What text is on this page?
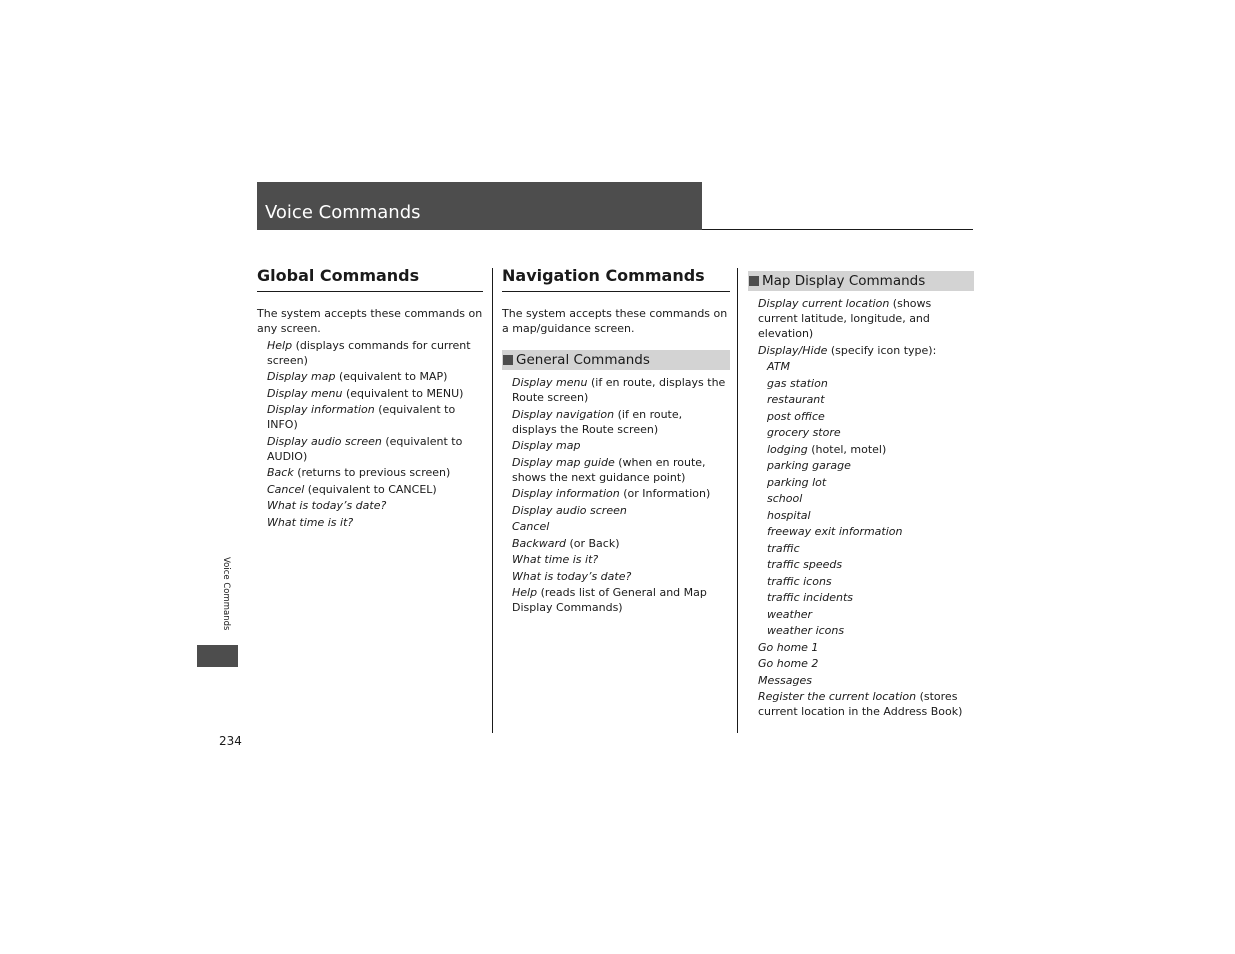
Voice Commands
Global Commands
The system accepts these commands on any screen.
Help (displays commands for current screen)
Display map (equivalent to MAP)
Display menu (equivalent to MENU)
Display information (equivalent to INFO)
Display audio screen (equivalent to AUDIO)
Back (returns to previous screen)
Cancel (equivalent to CANCEL)
What is today’s date?
What time is it?
Navigation Commands
The system accepts these commands on a map/guidance screen.
General Commands
Display menu (if en route, displays the Route screen)
Display navigation (if en route, displays the Route screen)
Display map
Display map guide (when en route, shows the next guidance point)
Display information (or Information)
Display audio screen
Cancel
Backward (or Back)
What time is it?
What is today’s date?
Help (reads list of General and Map Display Commands)
Map Display Commands
Display current location (shows current latitude, longitude, and elevation)
Display/Hide (specify icon type):
ATM
gas station
restaurant
post office
grocery store
lodging (hotel, motel)
parking garage
parking lot
school
hospital
freeway exit information
traffic
traffic speeds
traffic icons
traffic incidents
weather
weather icons
Go home 1
Go home 2
Messages
Register the current location (stores current location in the Address Book)
Voice Commands
234
